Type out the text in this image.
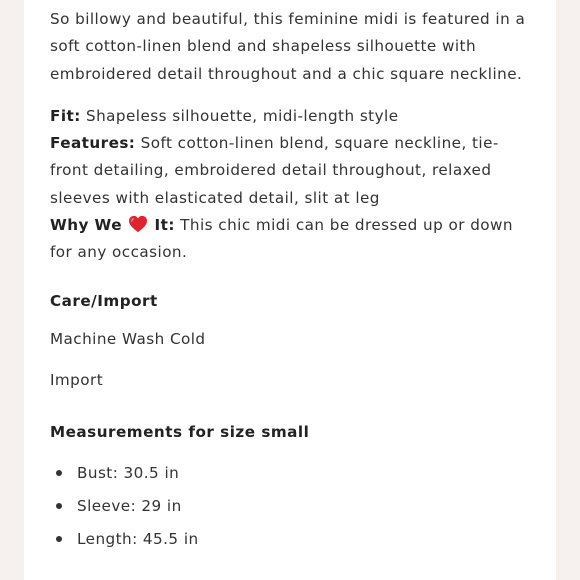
So billowy and beautiful, this feminine midi is featured in a soft cotton-linen blend and shapeless silhouette with embroidered detail throughout and a chic square neckline.

Fit: Shapeless silhouette, midi-length style
Features: Soft cotton-linen blend, square neckline, tie-front detailing, embroidered detail throughout, relaxed sleeves with elasticated detail, slit at leg
Why We It: This chic midi can be dressed up or down for any occasion.
Care/Import

Machine Wash Cold

Import

Measurements for size small
Bust: 30.5 in
Sleeve: 29 in
Length: 45.5 in
